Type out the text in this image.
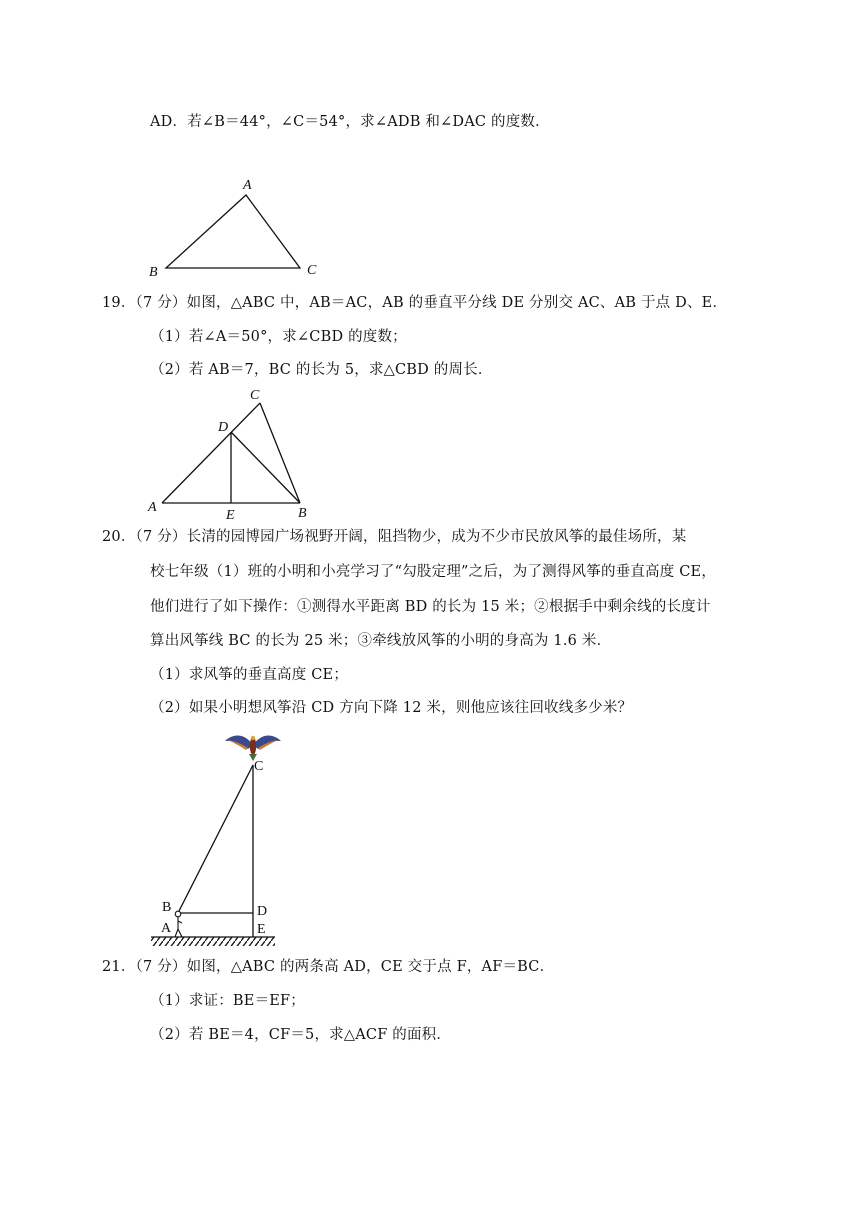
AD．若∠B＝44°，∠C＝54°，求∠ADB 和∠DAC 的度数．
A
B	C
19．（7 分）如图，△ABC 中，AB＝AC，AB 的垂直平分线 DE 分别交 AC、AB 于点 D、E．
（1）若∠A＝50°，求∠CBD 的度数；
（2）若 AB＝7，BC 的长为 5，求△CBD 的周长．
C
D
A
E	B
20．（7 分）长清的园博园广场视野开阔，阻挡物少，成为不少市民放风筝的最佳场所，某
校七年级（1）班的小明和小亮学习了“勾股定理”之后，为了测得风筝的垂直高度 CE，
他们进行了如下操作：①测得水平距离 BD 的长为 15 米；②根据手中剩余线的长度计
算出风筝线 BC 的长为 25 米；③牵线放风筝的小明的身高为 1.6 米．
（1）求风筝的垂直高度 CE；
（2）如果小明想风筝沿 CD 方向下降 12 米，则他应该往回收线多少米？
C
B	D
A	E
21．（7 分）如图，△ABC 的两条高 AD，CE 交于点 F，AF＝BC．
（1）求证：BE＝EF；
（2）若 BE＝4，CF＝5，求△ACF 的面积．
